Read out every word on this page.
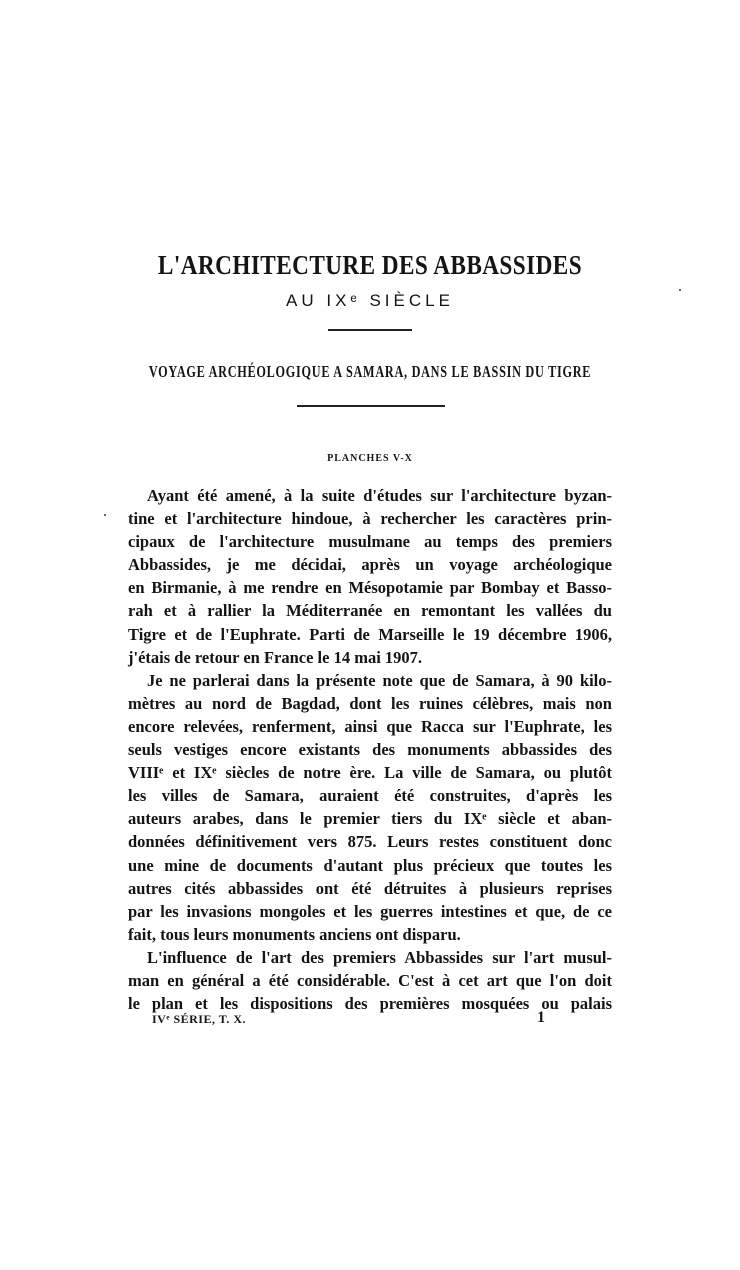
L'ARCHITECTURE DES ABBASSIDES
AU IXᵉ SIÈCLE
VOYAGE ARCHÉOLOGIQUE A SAMARA, DANS LE BASSIN DU TIGRE
PLANCHES V-X
Ayant été amené, à la suite d'études sur l'architecture byzan-
tine et l'architecture hindoue, à rechercher les caractères prin-
cipaux de l'architecture musulmane au temps des premiers
Abbassides, je me décidai, après un voyage archéologique
en Birmanie, à me rendre en Mésopotamie par Bombay et Basso-
rah et à rallier la Méditerranée en remontant les vallées du
Tigre et de l'Euphrate. Parti de Marseille le 19 décembre 1906,
j'étais de retour en France le 14 mai 1907.
Je ne parlerai dans la présente note que de Samara, à 90 kilo-
mètres au nord de Bagdad, dont les ruines célèbres, mais non
encore relevées, renferment, ainsi que Racca sur l'Euphrate, les
seuls vestiges encore existants des monuments abbassides des
VIIIᵉ et IXᵉ siècles de notre ère. La ville de Samara, ou plutôt
les villes de Samara, auraient été construites, d'après les
auteurs arabes, dans le premier tiers du IXᵉ siècle et aban-
données définitivement vers 875. Leurs restes constituent donc
une mine de documents d'autant plus précieux que toutes les
autres cités abbassides ont été détruites à plusieurs reprises
par les invasions mongoles et les guerres intestines et que, de ce
fait, tous leurs monuments anciens ont disparu.
L'influence de l'art des premiers Abbassides sur l'art musul-
man en général a été considérable. C'est à cet art que l'on doit
le plan et les dispositions des premières mosquées ou palais
IVᵉ SÉRIE, T. X.	1
